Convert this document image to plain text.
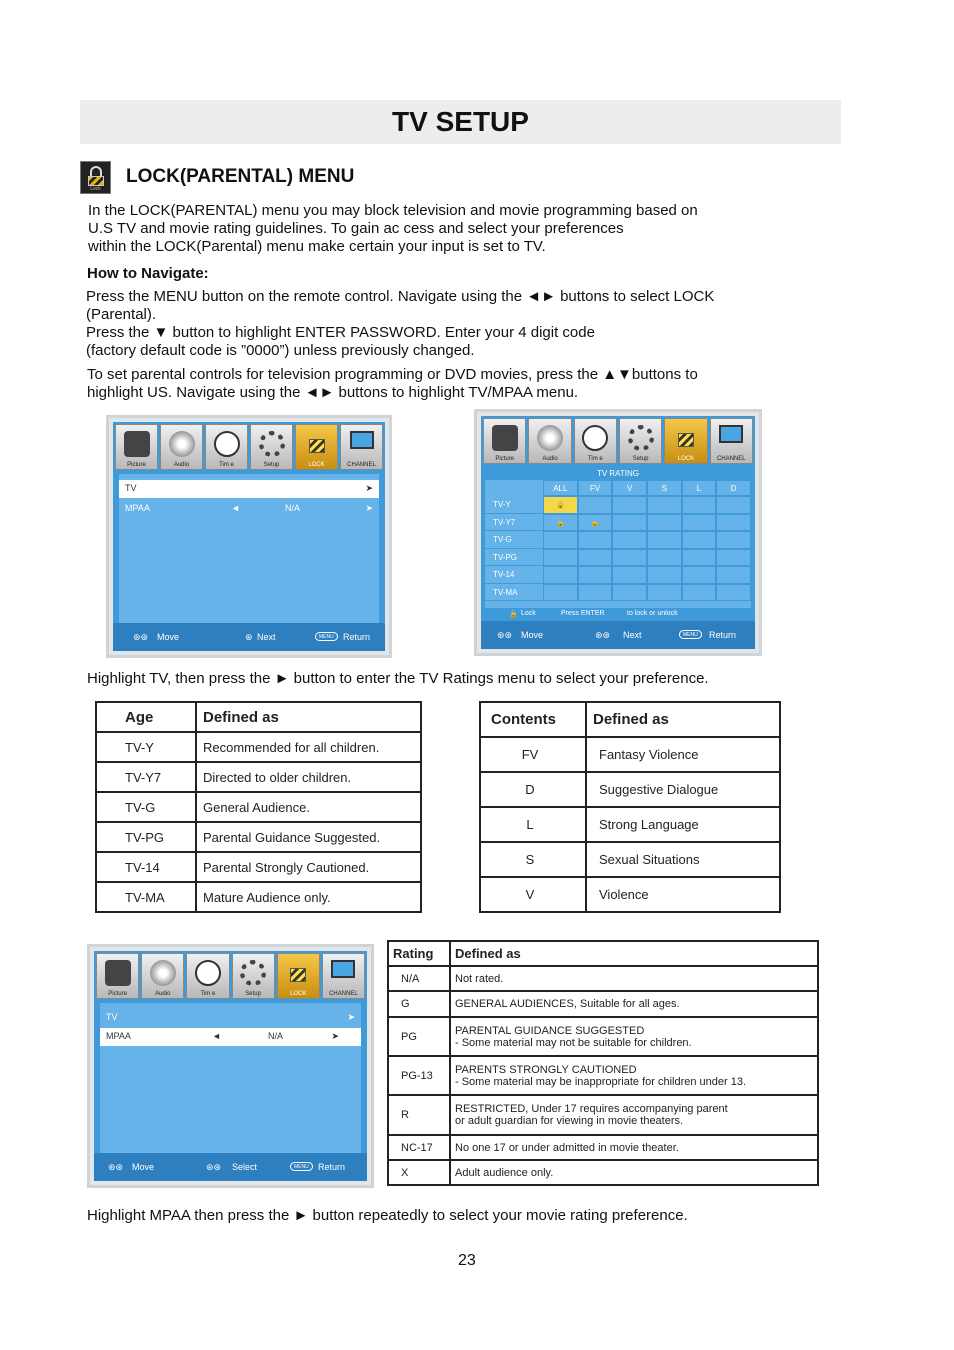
TV SETUP
Lock
LOCK(PARENTAL) MENU
In the LOCK(PARENTAL) menu you may block television and movie programming based on
U.S TV and movie rating guidelines. To gain ac cess and select your preferences
within the LOCK(Parental) menu make certain your input is set to TV.
How to Navigate:
Press the MENU button on the remote control. Navigate using the ◄► buttons to select LOCK
(Parental).
Press the ▼ button to highlight ENTER PASSWORD. Enter your 4 digit code
(factory default code is ”0000”) unless previously changed.
To set parental controls for television programming or DVD movies, press the ▲▼buttons to
highlight US. Navigate using the ◄► buttons to highlight TV/MPAA menu.
Picture	Audio	Tim e	Setup	LOCK	CHANNEL
TV	➤
MPAA	◄	N/A	➤
⊛⊛ Move	⊛ Next	MENU	Return
Picture	Audio	Tim e	Setup	LOCK	CHANNEL
TV RATING
ALL	FV	V	S	L	D
TV-Y	🔒
TV-Y7	🔒	🔒
TV-G
TV-PG
TV-14
TV-MA
🔒 Lock	Press ENTER	to lock or unlock
⊛⊛ Move	⊛⊛ Next	MENU	Return
Highlight TV, then press the ► button to enter the TV Ratings menu to select your preference.
Age	Defined as
TV-Y	Recommended for all children.

TV-Y7	Directed to older children.

TV-G	General Audience.

TV-PG	Parental Guidance Suggested.

TV-14	Parental Strongly Cautioned.

TV-MA	Mature Audience only.
Contents	Defined as
FV	Fantasy Violence

D	Suggestive Dialogue

L	Strong Language

S	Sexual Situations

V	Violence
Picture	Audio	Tim e	Setup	LOCK	CHANNEL
TV	➤
MPAA	◄	N/A	➤
⊛⊛ Move	⊛⊛ Select	MENU	Return
Rating	Defined as
N/A	Not rated.

G	GENERAL AUDIENCES, Suitable for all ages.

PG	PARENTAL GUIDANCE SUGGESTED
- Some material may not be suitable for children.

PG-13	PARENTS STRONGLY CAUTIONED
- Some material may be inappropriate for children under 13.

R	RESTRICTED, Under 17 requires accompanying parent
or adult guardian for viewing in movie theaters.

NC-17	No one 17 or under admitted in movie theater.

X	Adult audience only.
Highlight MPAA then press the ► button repeatedly to select your movie rating preference.
23
